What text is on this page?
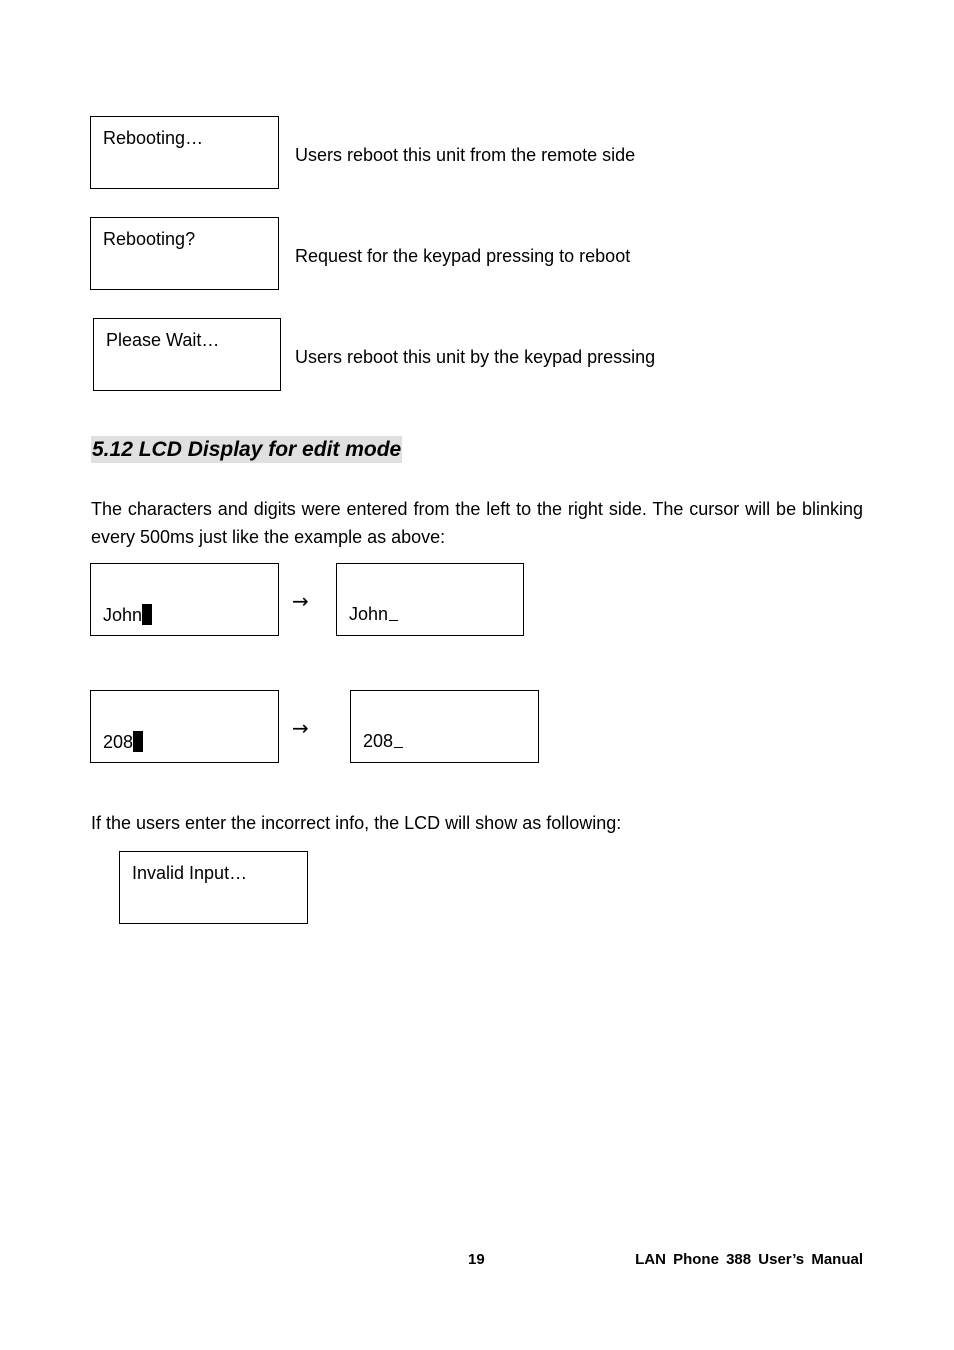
Rebooting…
Users reboot this unit from the remote side
Rebooting?
Request for the keypad pressing to reboot
Please Wait…
Users reboot this unit by the keypad pressing
5.12 LCD Display for edit mode
The characters and digits were entered from the left to the right side. The cursor will be blinking every 500ms just like the example as above:
John
→
John
208
→
208
If the users enter the incorrect info, the LCD will show as following:
Invalid Input…
19	LAN Phone 388 User’s Manual
